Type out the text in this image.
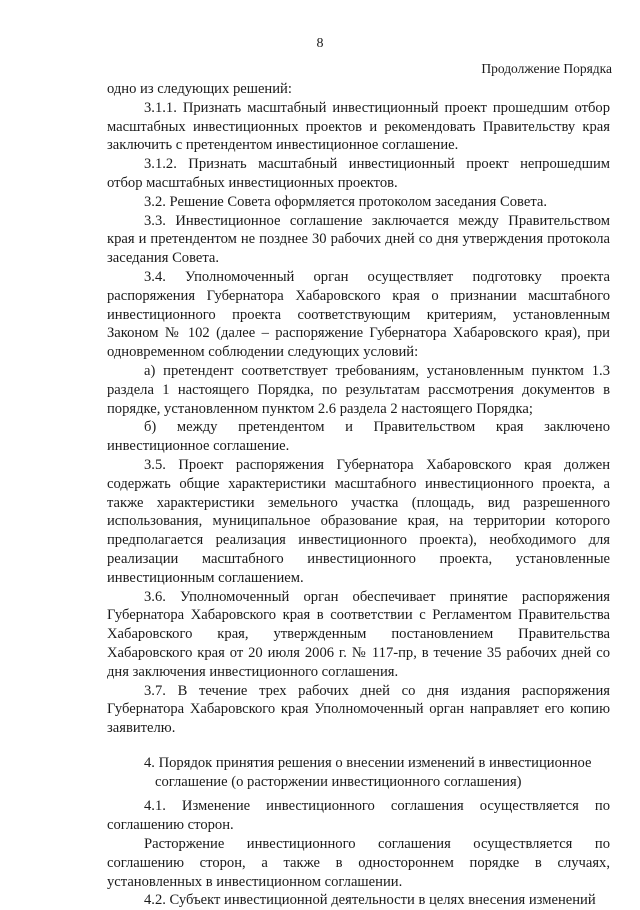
8
Продолжение Порядка

одно из следующих решений:

3.1.1. Признать масштабный инвестиционный проект прошедшим отбор масштабных инвестиционных проектов и рекомендовать Правительству края заключить с претендентом инвестиционное соглашение.

3.1.2. Признать масштабный инвестиционный проект непрошедшим отбор масштабных инвестиционных проектов.

3.2. Решение Совета оформляется протоколом заседания Совета.

3.3. Инвестиционное соглашение заключается между Правительством края и претендентом не позднее 30 рабочих дней со дня утверждения протокола заседания Совета.

3.4. Уполномоченный орган осуществляет подготовку проекта распоряжения Губернатора Хабаровского края о признании масштабного инвестиционного проекта соответствующим критериям, установленным Законом № 102 (далее – распоряжение Губернатора Хабаровского края), при одновременном соблюдении следующих условий:

а) претендент соответствует требованиям, установленным пунктом 1.3 раздела 1 настоящего Порядка, по результатам рассмотрения документов в порядке, установленном пунктом 2.6 раздела 2 настоящего Порядка;

б) между претендентом и Правительством края заключено инвестиционное соглашение.

3.5. Проект распоряжения Губернатора Хабаровского края должен содержать общие характеристики масштабного инвестиционного проекта, а также характеристики земельного участка (площадь, вид разрешенного использования, муниципальное образование края, на территории которого предполагается реализация инвестиционного проекта), необходимого для реализации масштабного инвестиционного проекта, установленные инвестиционным соглашением.

3.6. Уполномоченный орган обеспечивает принятие распоряжения Губернатора Хабаровского края в соответствии с Регламентом Правительства Хабаровского края, утвержденным постановлением Правительства Хабаровского края от 20 июля 2006 г. № 117-пр, в течение 35 рабочих дней со дня заключения инвестиционного соглашения.

3.7. В течение трех рабочих дней со дня издания распоряжения Губернатора Хабаровского края Уполномоченный орган направляет его копию заявителю.

4. Порядок принятия решения о внесении изменений в инвестиционное соглашение (о расторжении инвестиционного соглашения)

4.1. Изменение инвестиционного соглашения осуществляется по соглашению сторон.

Расторжение инвестиционного соглашения осуществляется по соглашению сторон, а также в одностороннем порядке в случаях, установленных в инвестиционном соглашении.

4.2. Субъект инвестиционной деятельности в целях внесения изменений
